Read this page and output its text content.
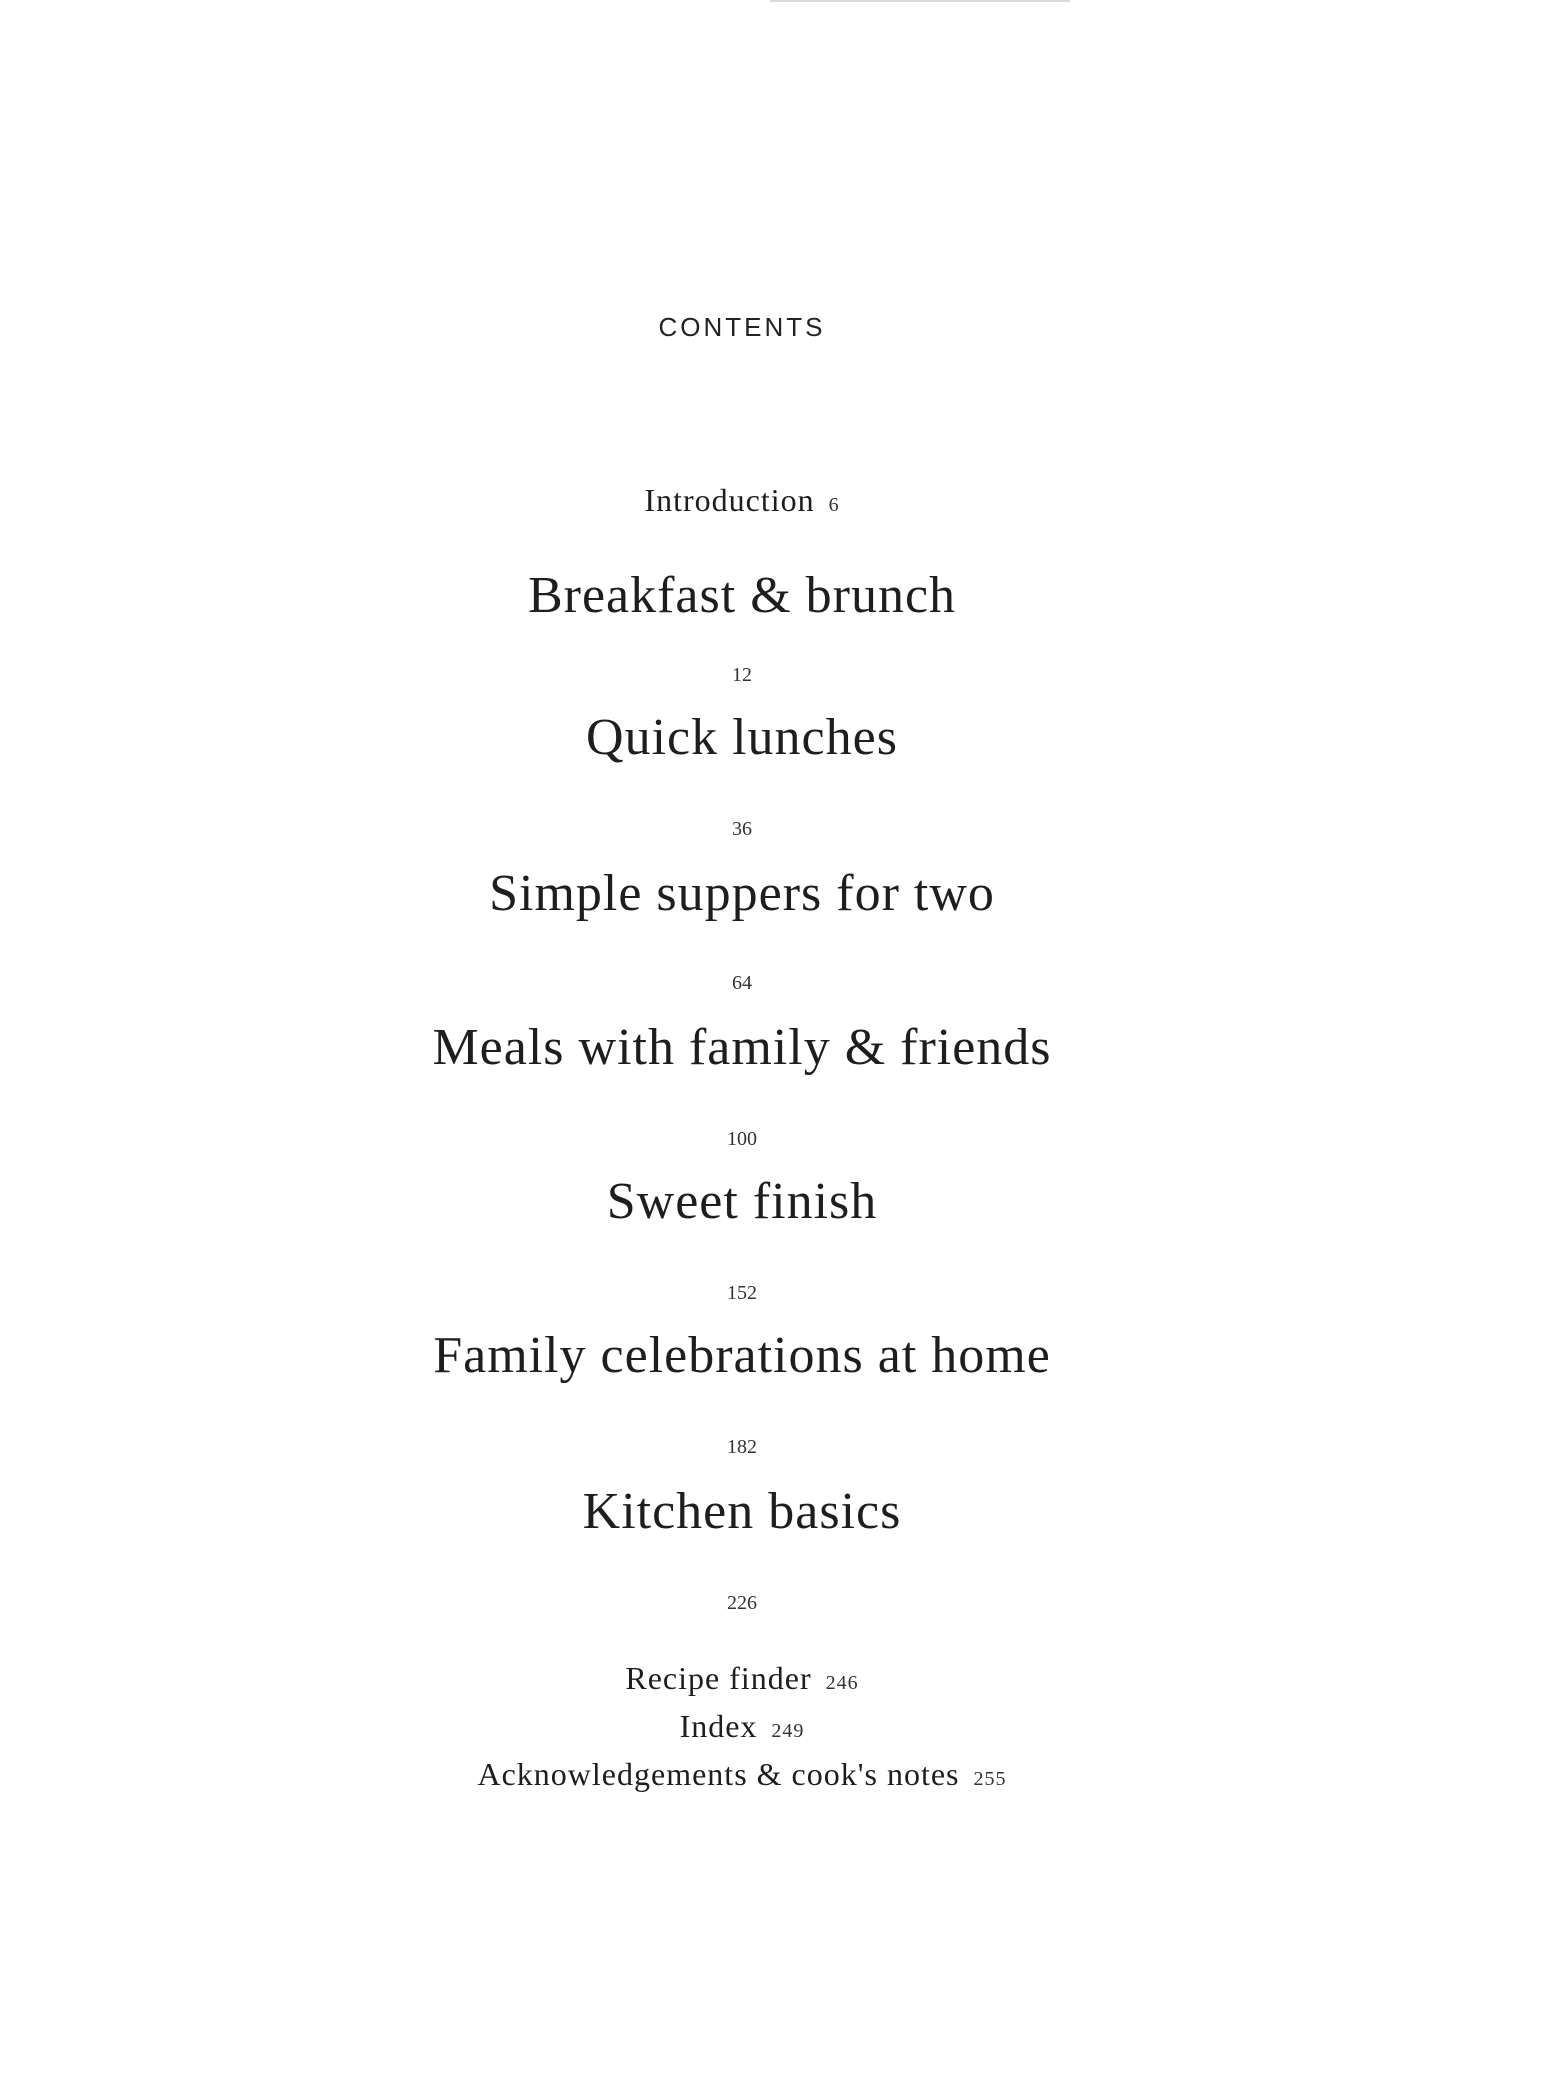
CONTENTS
Introduction 6
Breakfast & brunch
12
Quick lunches
36
Simple suppers for two
64
Meals with family & friends
100
Sweet finish
152
Family celebrations at home
182
Kitchen basics
226
Recipe finder 246
Index 249
Acknowledgements & cook's notes 255
